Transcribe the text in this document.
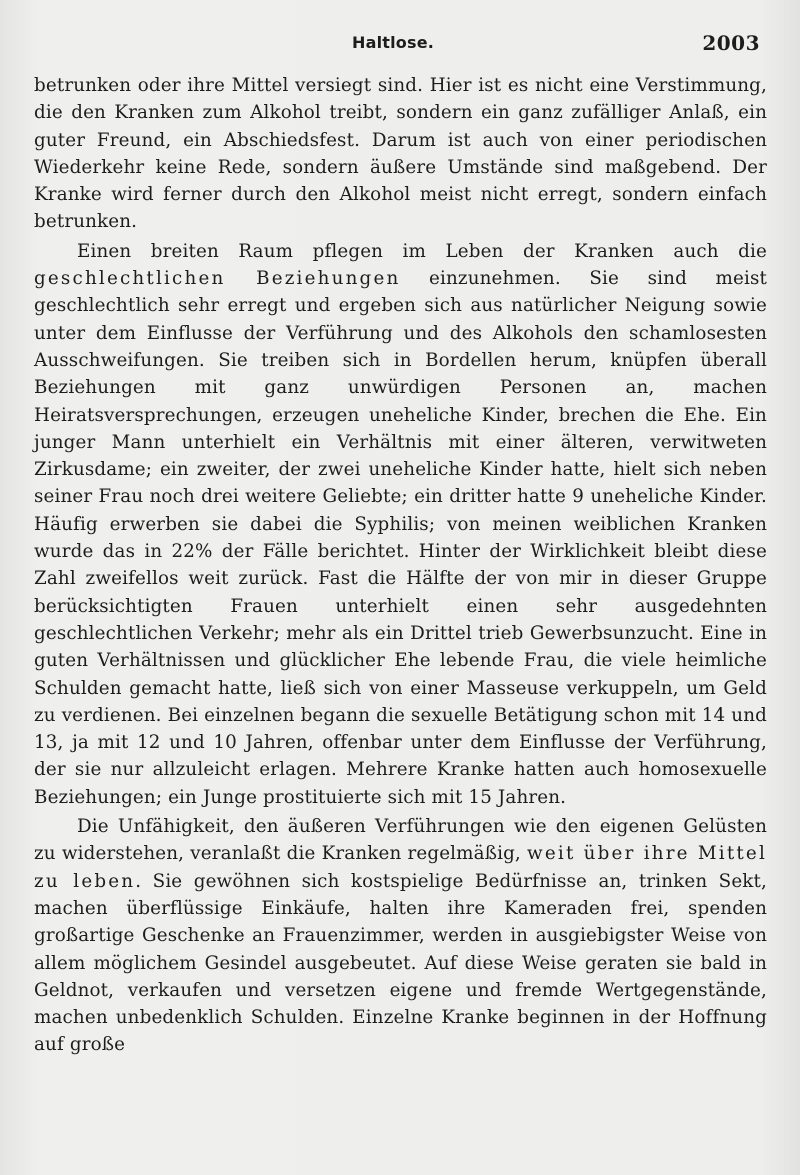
Haltlose.	2003

betrunken oder ihre Mittel versiegt sind. Hier ist es nicht eine Verstimmung, die den Kranken zum Alkohol treibt, sondern ein ganz zufälliger Anlaß, ein guter Freund, ein Abschiedsfest. Darum ist auch von einer periodischen Wiederkehr keine Rede, sondern äußere Umstände sind maßgebend. Der Kranke wird ferner durch den Alkohol meist nicht erregt, sondern einfach betrunken.

Einen breiten Raum pflegen im Leben der Kranken auch die geschlechtlichen Beziehungen einzunehmen. Sie sind meist geschlechtlich sehr erregt und ergeben sich aus natürlicher Neigung sowie unter dem Einflusse der Verführung und des Alkohols den schamlosesten Ausschweifungen. Sie treiben sich in Bordellen herum, knüpfen überall Beziehungen mit ganz unwürdigen Personen an, machen Heiratsversprechungen, erzeugen uneheliche Kinder, brechen die Ehe. Ein junger Mann unterhielt ein Verhältnis mit einer älteren, verwitweten Zirkusdame; ein zweiter, der zwei uneheliche Kinder hatte, hielt sich neben seiner Frau noch drei weitere Geliebte; ein dritter hatte 9 uneheliche Kinder. Häufig erwerben sie dabei die Syphilis; von meinen weiblichen Kranken wurde das in 22% der Fälle berichtet. Hinter der Wirklichkeit bleibt diese Zahl zweifellos weit zurück. Fast die Hälfte der von mir in dieser Gruppe berücksichtigten Frauen unterhielt einen sehr ausgedehnten geschlechtlichen Verkehr; mehr als ein Drittel trieb Gewerbsunzucht. Eine in guten Verhältnissen und glücklicher Ehe lebende Frau, die viele heimliche Schulden gemacht hatte, ließ sich von einer Masseuse verkuppeln, um Geld zu verdienen. Bei einzelnen begann die sexuelle Betätigung schon mit 14 und 13, ja mit 12 und 10 Jahren, offenbar unter dem Einflusse der Verführung, der sie nur allzuleicht erlagen. Mehrere Kranke hatten auch homosexuelle Beziehungen; ein Junge prostituierte sich mit 15 Jahren.

Die Unfähigkeit, den äußeren Verführungen wie den eigenen Gelüsten zu widerstehen, veranlaßt die Kranken regelmäßig, weit über ihre Mittel zu leben. Sie gewöhnen sich kostspielige Bedürfnisse an, trinken Sekt, machen überflüssige Einkäufe, halten ihre Kameraden frei, spenden großartige Geschenke an Frauenzimmer, werden in ausgiebigster Weise von allem möglichem Gesindel ausgebeutet. Auf diese Weise geraten sie bald in Geldnot, verkaufen und versetzen eigene und fremde Wertgegenstände, machen unbedenklich Schulden. Einzelne Kranke beginnen in der Hoffnung auf große
